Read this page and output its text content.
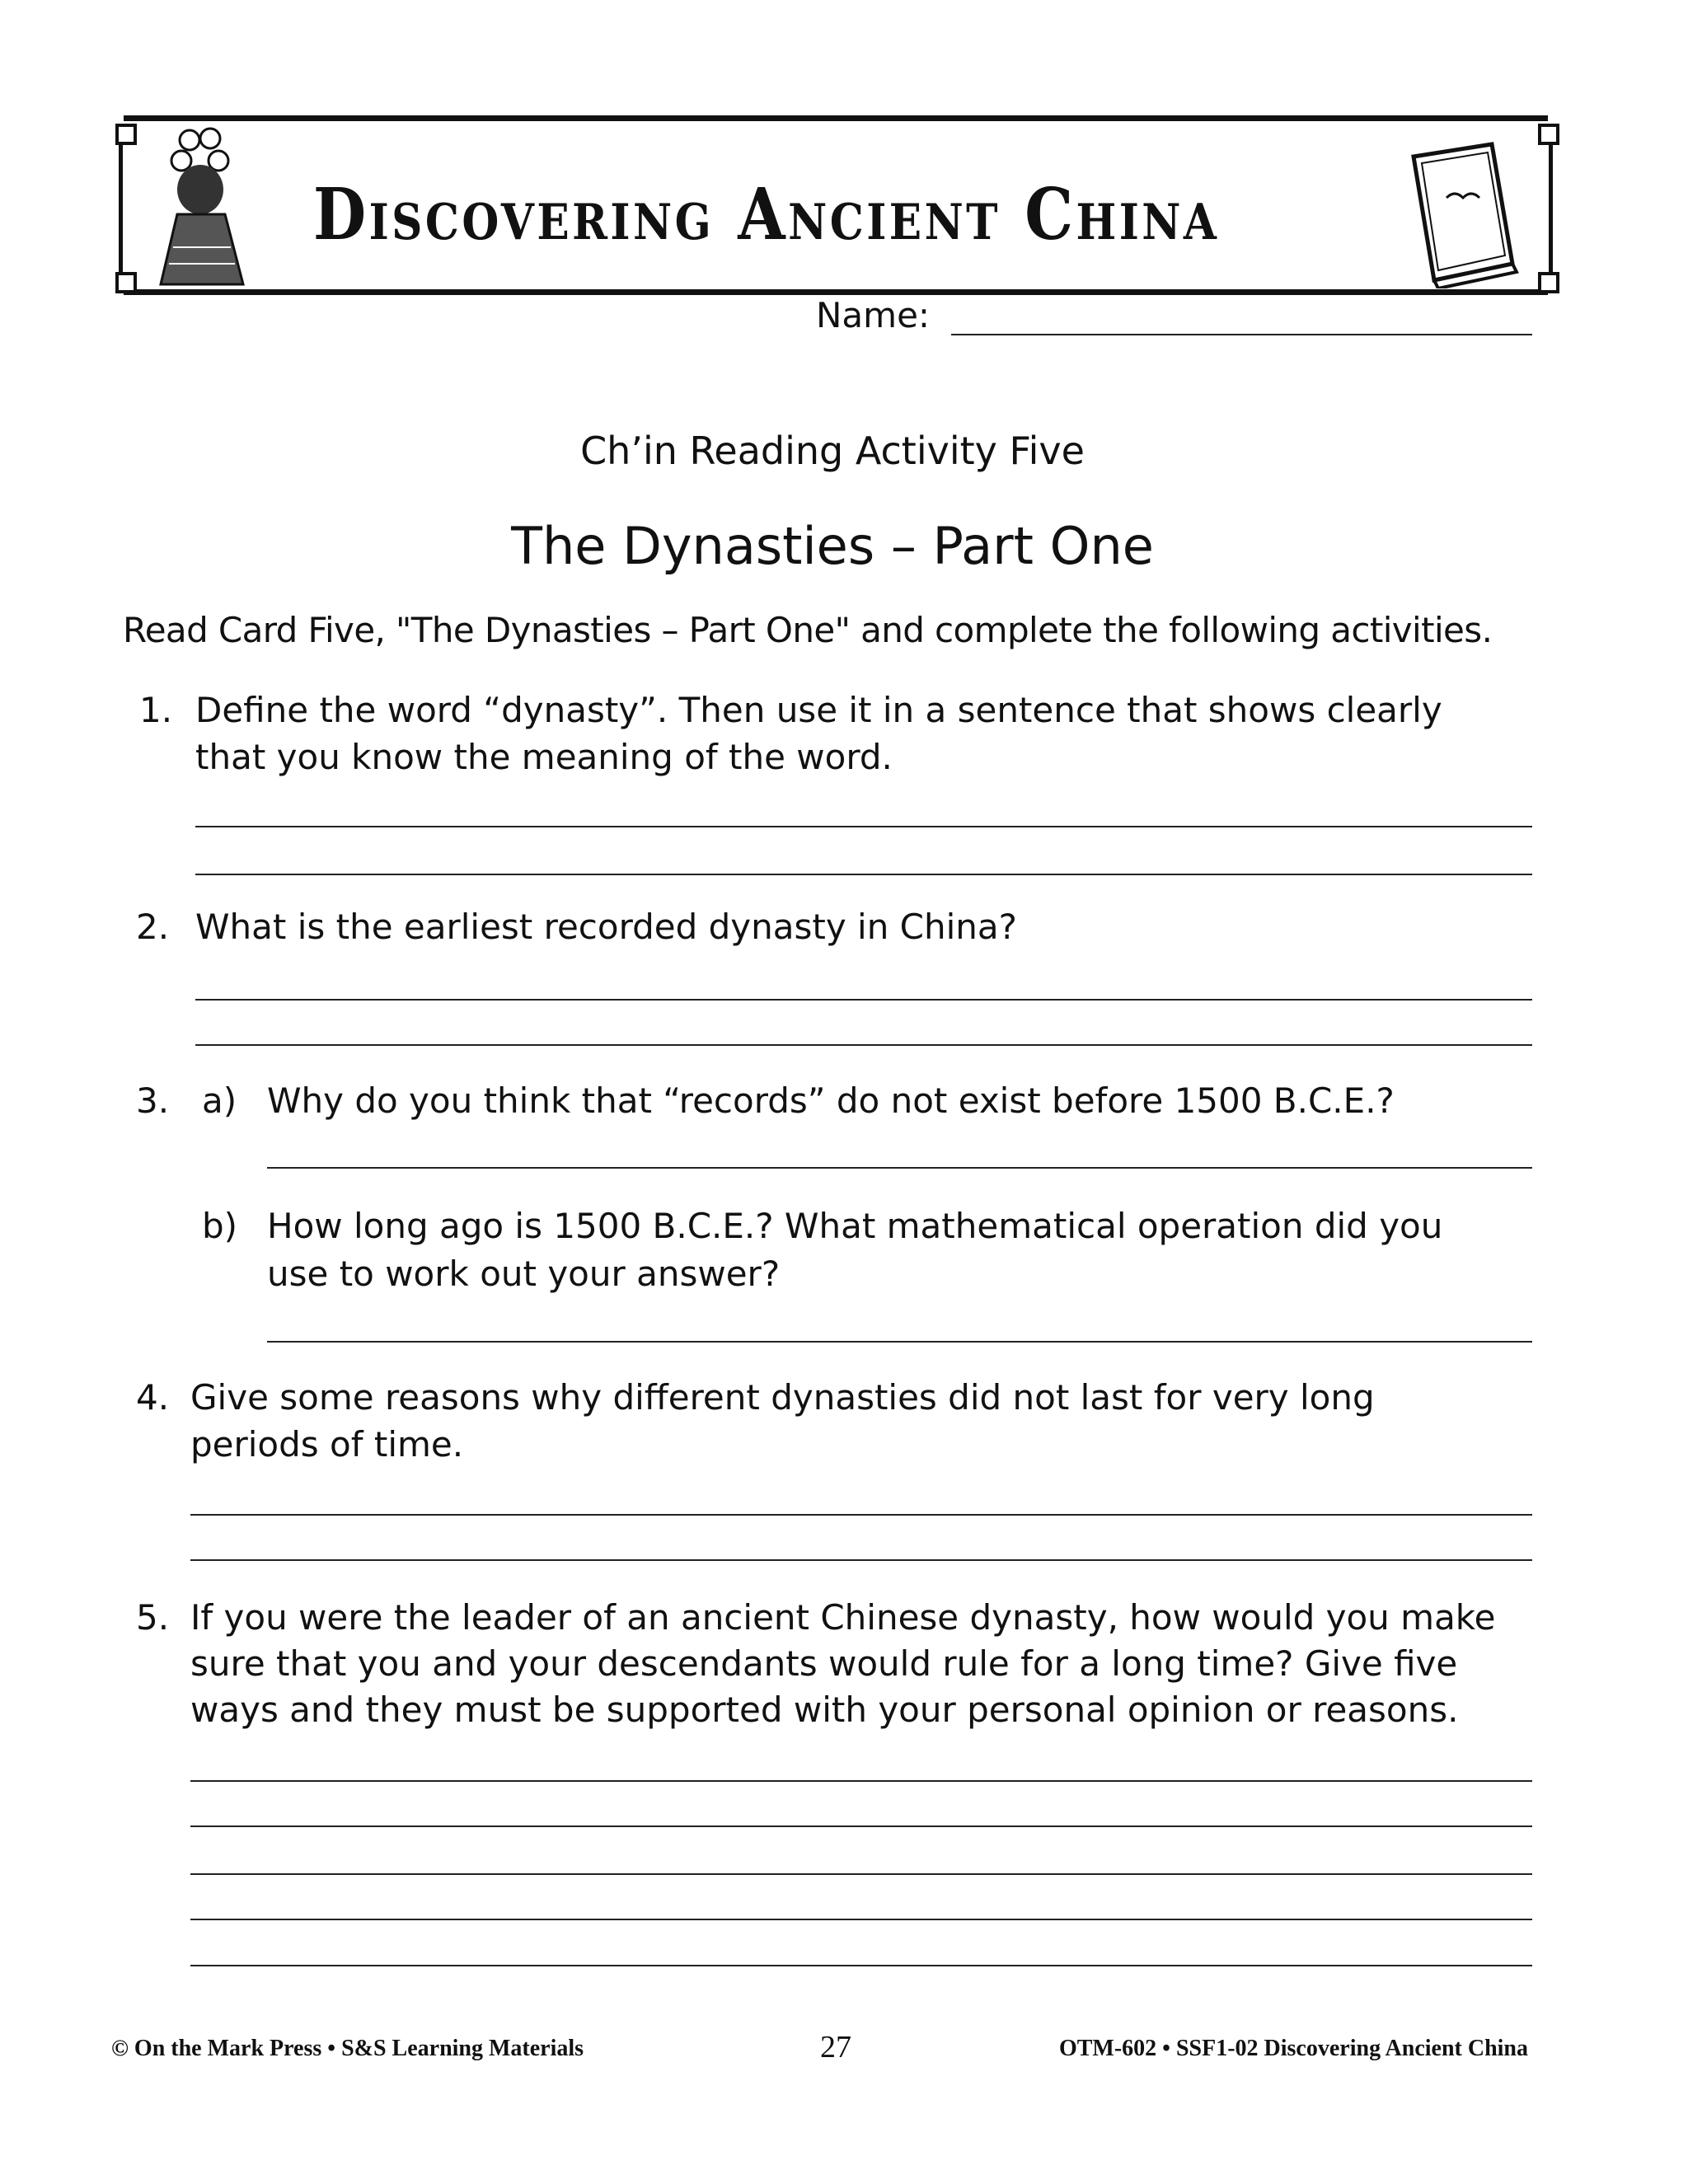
Discovering Ancient China
Name:
Ch’in Reading Activity Five
The Dynasties – Part One
Read Card Five, "The Dynasties – Part One" and complete the following activities.
1. Define the word “dynasty”. Then use it in a sentence that shows clearly
that you know the meaning of the word.
2. What is the earliest recorded dynasty in China?
3. a) Why do you think that “records” do not exist before 1500 B.C.E.?
b) How long ago is 1500 B.C.E.? What mathematical operation did you
use to work out your answer?
4. Give some reasons why different dynasties did not last for very long
periods of time.
5. If you were the leader of an ancient Chinese dynasty, how would you make
sure that you and your descendants would rule for a long time? Give five
ways and they must be supported with your personal opinion or reasons.
© On the Mark Press • S&S Learning Materials	27	OTM-602 • SSF1-02 Discovering Ancient China
